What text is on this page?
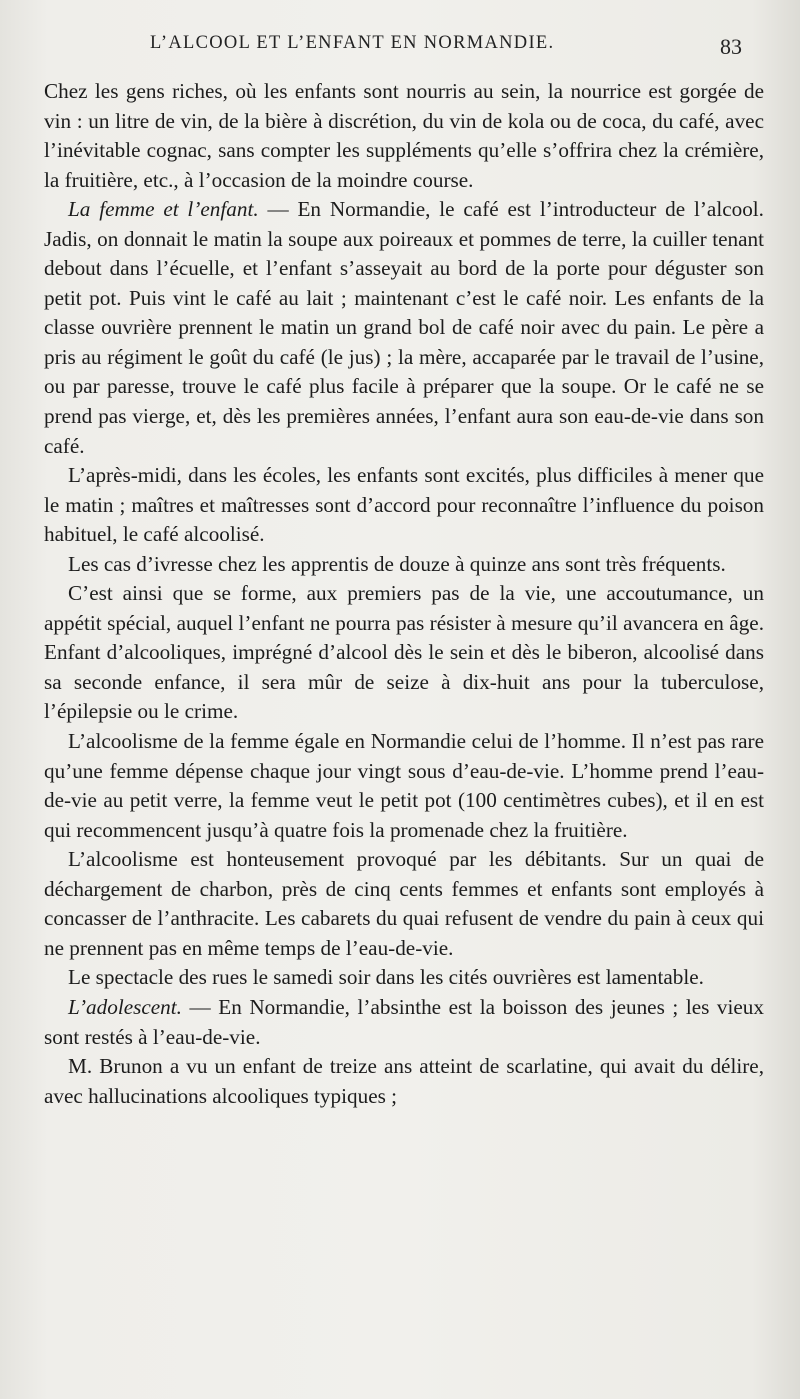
L’ALCOOL ET L’ENFANT EN NORMANDIE.	83

Chez les gens riches, où les enfants sont nourris au sein, la nourrice est gorgée de vin : un litre de vin, de la bière à discrétion, du vin de kola ou de coca, du café, avec l’inévitable cognac, sans compter les suppléments qu’elle s’offrira chez la crémière, la fruitière, etc., à l’occasion de la moindre course.

La femme et l’enfant. — En Normandie, le café est l’introducteur de l’alcool. Jadis, on donnait le matin la soupe aux poireaux et pommes de terre, la cuiller tenant debout dans l’écuelle, et l’enfant s’asseyait au bord de la porte pour déguster son petit pot. Puis vint le café au lait ; maintenant c’est le café noir. Les enfants de la classe ouvrière prennent le matin un grand bol de café noir avec du pain. Le père a pris au régiment le goût du café (le jus) ; la mère, accaparée par le travail de l’usine, ou par paresse, trouve le café plus facile à préparer que la soupe. Or le café ne se prend pas vierge, et, dès les premières années, l’enfant aura son eau-de-vie dans son café.

L’après-midi, dans les écoles, les enfants sont excités, plus difficiles à mener que le matin ; maîtres et maîtresses sont d’accord pour reconnaître l’influence du poison habituel, le café alcoolisé.

Les cas d’ivresse chez les apprentis de douze à quinze ans sont très fréquents.

C’est ainsi que se forme, aux premiers pas de la vie, une accoutumance, un appétit spécial, auquel l’enfant ne pourra pas résister à mesure qu’il avancera en âge. Enfant d’alcooliques, imprégné d’alcool dès le sein et dès le biberon, alcoolisé dans sa seconde enfance, il sera mûr de seize à dix-huit ans pour la tuberculose, l’épilepsie ou le crime.

L’alcoolisme de la femme égale en Normandie celui de l’homme. Il n’est pas rare qu’une femme dépense chaque jour vingt sous d’eau-de-vie. L’homme prend l’eau-de-vie au petit verre, la femme veut le petit pot (100 centimètres cubes), et il en est qui recommencent jusqu’à quatre fois la promenade chez la fruitière.

L’alcoolisme est honteusement provoqué par les débitants. Sur un quai de déchargement de charbon, près de cinq cents femmes et enfants sont employés à concasser de l’anthracite. Les cabarets du quai refusent de vendre du pain à ceux qui ne prennent pas en même temps de l’eau-de-vie.

Le spectacle des rues le samedi soir dans les cités ouvrières est lamentable.

L’adolescent. — En Normandie, l’absinthe est la boisson des jeunes ; les vieux sont restés à l’eau-de-vie.

M. Brunon a vu un enfant de treize ans atteint de scarlatine, qui avait du délire, avec hallucinations alcooliques typiques ;
